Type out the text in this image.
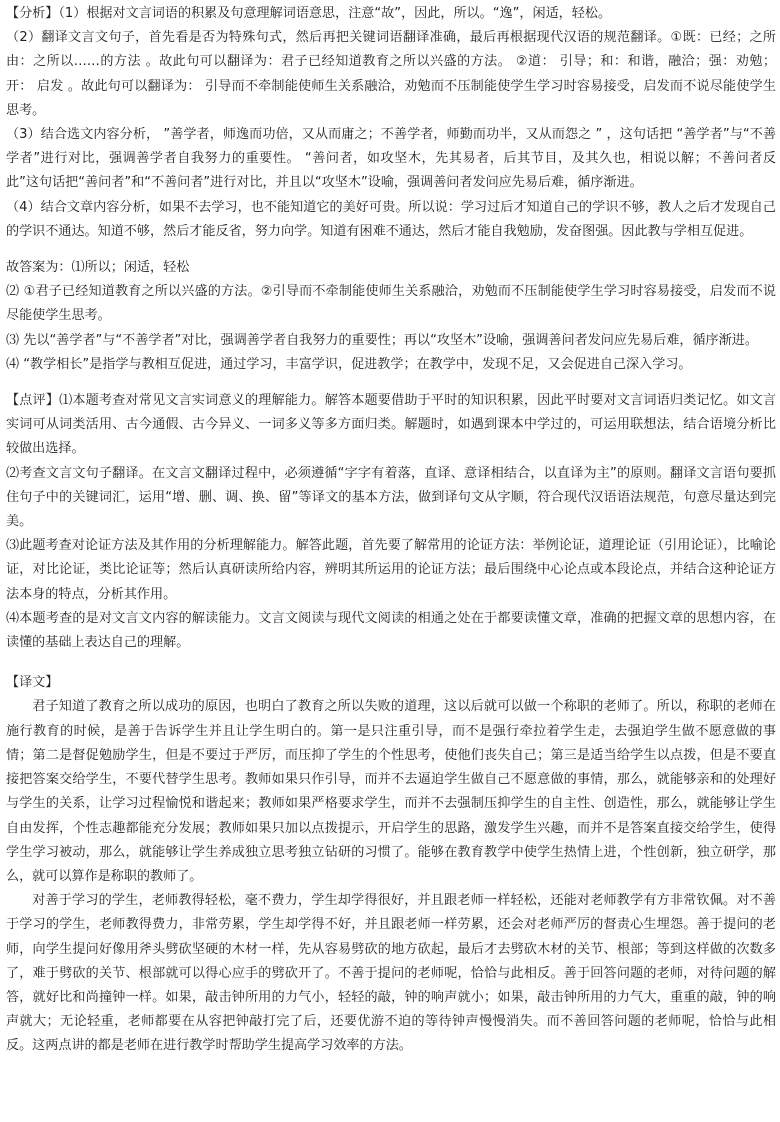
【分析】（1）根据对文言词语的积累及句意理解词语意思，注意“故”，因此，所以。“逸”，闲适，轻松。

（2）翻译文言文句子，首先看是否为特殊句式，然后再把关键词语翻译准确，最后再根据现代汉语的规范翻译。①既：已经；之所由：之所以……的方法 。故此句可以翻译为：君子已经知道教育之所以兴盛的方法。 ②道： 引导；和：和谐，融洽；强：劝勉；开： 启发 。故此句可以翻译为： 引导而不牵制能使师生关系融洽，劝勉而不压制能使学生学习时容易接受，启发而不说尽能使学生思考。

（3）结合选文内容分析， ”善学者，师逸而功倍，又从而庸之；不善学者，师勤而功半，又从而怨之 ” ，这句话把 “善学者”与“不善学者”进行对比，强调善学者自我努力的重要性。 “善问者，如攻坚木，先其易者，后其节目，及其久也，相说以解；不善问者反此”这句话把“善问者”和“不善问者”进行对比，并且以“攻坚木”设喻，强调善问者发问应先易后难，循序渐进。

（4）结合文章内容分析，如果不去学习，也不能知道它的美好可贵。所以说：学习过后才知道自己的学识不够，教人之后才发现自己的学识不通达。知道不够，然后才能反省，努力向学。知道有困难不通达，然后才能自我勉励，发奋图强。因此教与学相互促进。

故答案为：⑴所以；闲适，轻松

⑵ ①君子已经知道教育之所以兴盛的方法。②引导而不牵制能使师生关系融洽，劝勉而不压制能使学生学习时容易接受，启发而不说尽能使学生思考。

⑶ 先以“善学者”与“不善学者”对比，强调善学者自我努力的重要性；再以“攻坚木”设喻，强调善问者发问应先易后难，循序渐进。

⑷ “教学相长”是指学与教相互促进，通过学习，丰富学识，促进教学；在教学中，发现不足，又会促进自己深入学习。

【点评】⑴本题考查对常见文言实词意义的理解能力。解答本题要借助于平时的知识积累，因此平时要对文言词语归类记忆。如文言实词可从词类活用、古今通假、古今异义、一词多义等多方面归类。解题时，如遇到课本中学过的，可运用联想法，结合语境分析比较做出选择。

⑵考查文言文句子翻译。在文言文翻译过程中，必须遵循“字字有着落，直译、意译相结合，以直译为主”的原则。翻译文言语句要抓住句子中的关键词汇，运用“增、删、调、换、留”等译文的基本方法，做到译句文从字顺，符合现代汉语语法规范，句意尽量达到完美。

⑶此题考查对论证方法及其作用的分析理解能力。解答此题，首先要了解常用的论证方法：举例论证，道理论证（引用论证），比喻论证，对比论证，类比论证等；然后认真研读所给内容，辨明其所运用的论证方法；最后围绕中心论点或本段论点，并结合这种论证方法本身的特点，分析其作用。

⑷本题考查的是对文言文内容的解读能力。文言文阅读与现代文阅读的相通之处在于都要读懂文章，准确的把握文章的思想内容，在读懂的基础上表达自己的理解。

【译文】

君子知道了教育之所以成功的原因，也明白了教育之所以失败的道理，这以后就可以做一个称职的老师了。所以，称职的老师在施行教育的时候，是善于告诉学生并且让学生明白的。第一是只注重引导，而不是强行牵拉着学生走，去强迫学生做不愿意做的事情；第二是督促勉励学生，但是不要过于严厉，而压抑了学生的个性思考，使他们丧失自己；第三是适当给学生以点拨，但是不要直接把答案交给学生，不要代替学生思考。教师如果只作引导，而并不去逼迫学生做自己不愿意做的事情，那么，就能够亲和的处理好与学生的关系，让学习过程愉悦和谐起来；教师如果严格要求学生，而并不去强制压抑学生的自主性、创造性，那么，就能够让学生自由发挥，个性志趣都能充分发展；教师如果只加以点拨提示，开启学生的思路，激发学生兴趣，而并不是答案直接交给学生，使得学生学习被动，那么，就能够让学生养成独立思考独立钻研的习惯了。能够在教育教学中使学生热情上进，个性创新，独立研学，那么，就可以算作是称职的教师了。

对善于学习的学生，老师教得轻松，毫不费力，学生却学得很好，并且跟老师一样轻松，还能对老师教学有方非常钦佩。对不善于学习的学生，老师教得费力，非常劳累，学生却学得不好，并且跟老师一样劳累，还会对老师严厉的督责心生埋怨。善于提问的老师，向学生提问好像用斧头劈砍坚硬的木材一样，先从容易劈砍的地方砍起，最后才去劈砍木材的关节、根部；等到这样做的次数多了，难于劈砍的关节、根部就可以得心应手的劈砍开了。不善于提问的老师呢，恰恰与此相反。善于回答问题的老师，对待问题的解答，就好比和尚撞钟一样。如果，敲击钟所用的力气小，轻轻的敲，钟的响声就小；如果，敲击钟所用的力气大，重重的敲，钟的响声就大；无论轻重，老师都要在从容把钟敲打完了后，还要优游不迫的等待钟声慢慢消失。而不善回答问题的老师呢，恰恰与此相反。这两点讲的都是老师在进行教学时帮助学生提高学习效率的方法。
